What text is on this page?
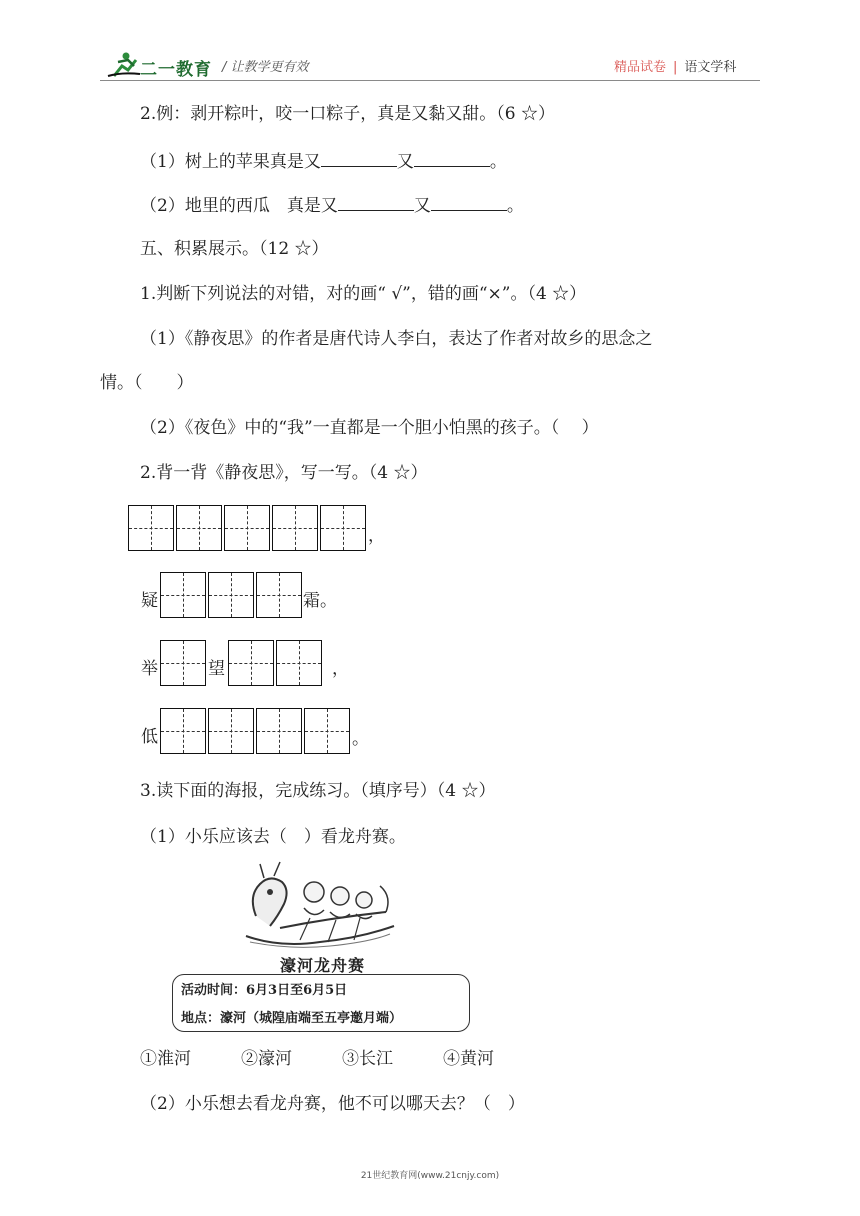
二一教育 / 让教学更有效	精品试卷 | 语文学科
2.例：剥开粽叶，咬一口粽子，真是又黏又甜。（6 ☆）
（1）树上的苹果真是又	又	。
（2）地里的西瓜　真是又	又	。
五、积累展示。（12 ☆）
1.判断下列说法的对错，对的画“ √”，错的画“×”。（4 ☆）
（1）《静夜思》的作者是唐代诗人李白，表达了作者对故乡的思念之
情。（　　）
（2）《夜色》中的“我”一直都是一个胆小怕黑的孩子。（　 ）
2.背一背《静夜思》，写一写。（4 ☆）
，
疑	霜。
举	望	，
低	。
3.读下面的海报，完成练习。（填序号）（4 ☆）
（1）小乐应该去（　）看龙舟赛。
濠河龙舟赛
活动时间：6月3日至6月5日
地点：濠河（城隍庙端至五亭邀月端）
①淮河	②濠河	③长江	④黄河
（2）小乐想去看龙舟赛，他不可以哪天去？（　）
21世纪教育网(www.21cnjy.com)
